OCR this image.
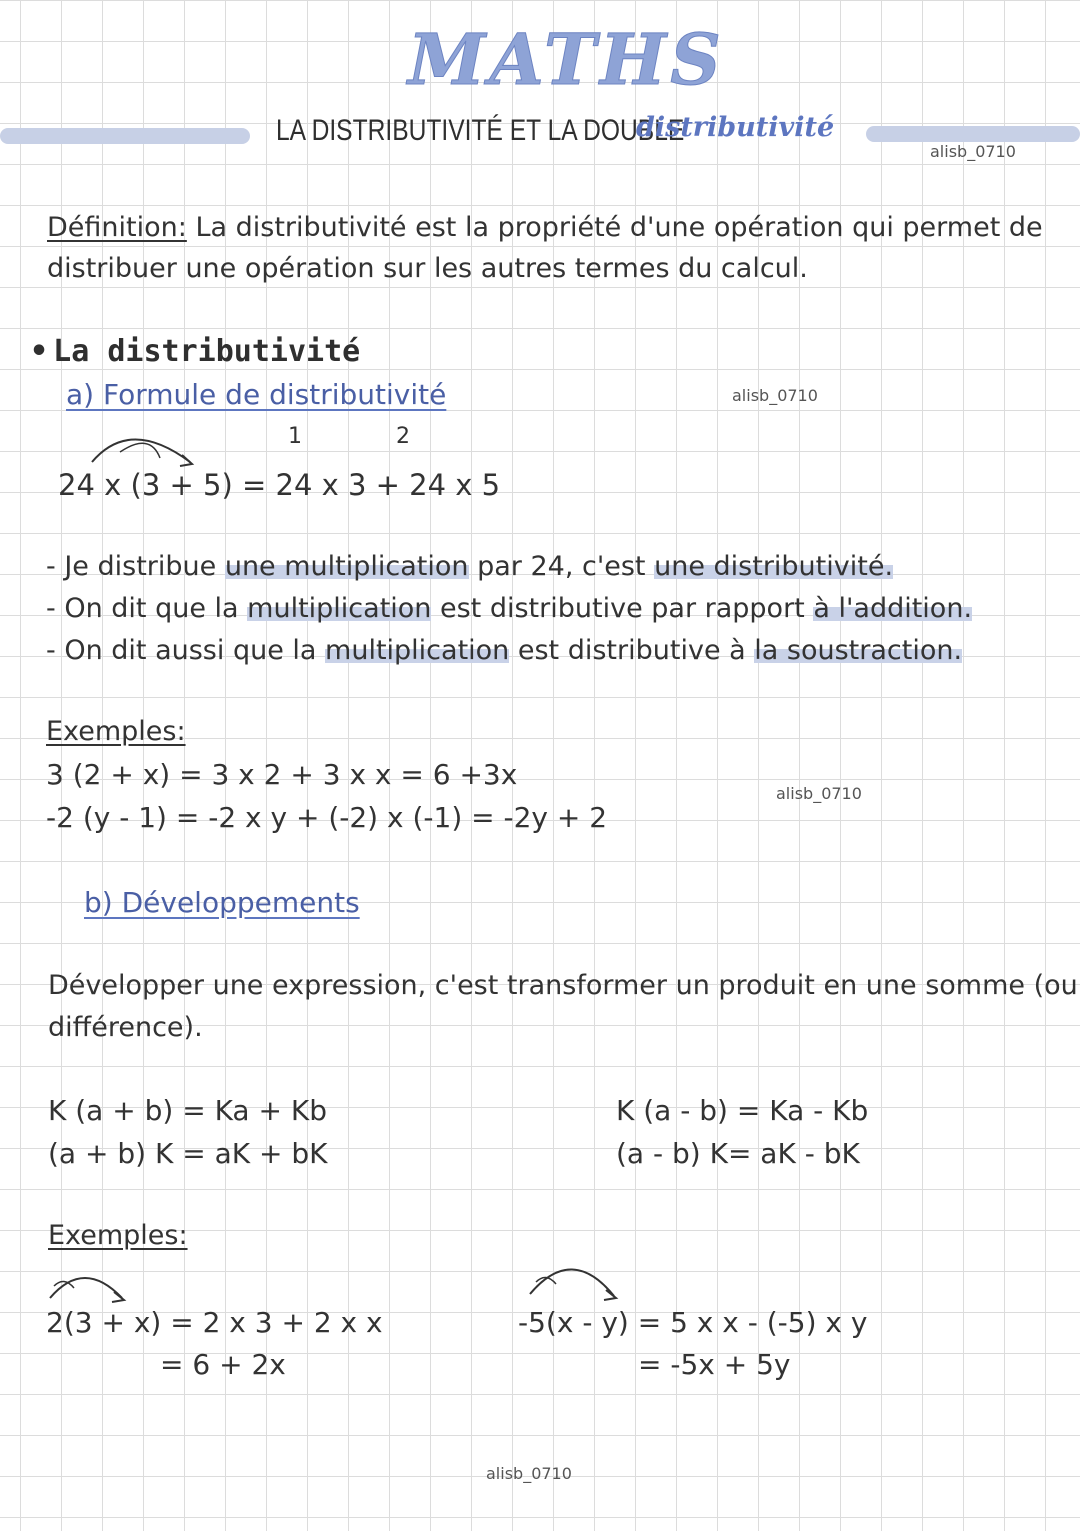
MATHS
LA DISTRIBUTIVITÉ ET LA DOUBLE
distributivité
alisb_0710
Définition: La distributivité est la propriété d'une opération qui permet de
distribuer une opération sur les autres termes du calcul.
• La distributivité
a) Formule de distributivité	alisb_0710
1	2
24 x (3 + 5) = 24 x 3 + 24 x 5
- Je distribue une multiplication par 24, c'est une distributivité.
- On dit que la multiplication est distributive par rapport à l'addition.
- On dit aussi que la multiplication est distributive à la soustraction.
Exemples:
3 (2 + x) = 3 x 2 + 3 x x = 6 +3x
-2 (y - 1) = -2 x y + (-2) x (-1) = -2y + 2
alisb_0710
b) Développements
Développer une expression, c'est transformer un produit en une somme (ou
différence).
K (a + b) = Ka + Kb
(a + b) K = aK + bK
K (a - b) = Ka - Kb
(a - b) K= aK - bK
Exemples:
2(3 + x) = 2 x 3 + 2 x x
= 6 + 2x
-5(x - y) = 5 x x - (-5) x y
= -5x + 5y
alisb_0710
